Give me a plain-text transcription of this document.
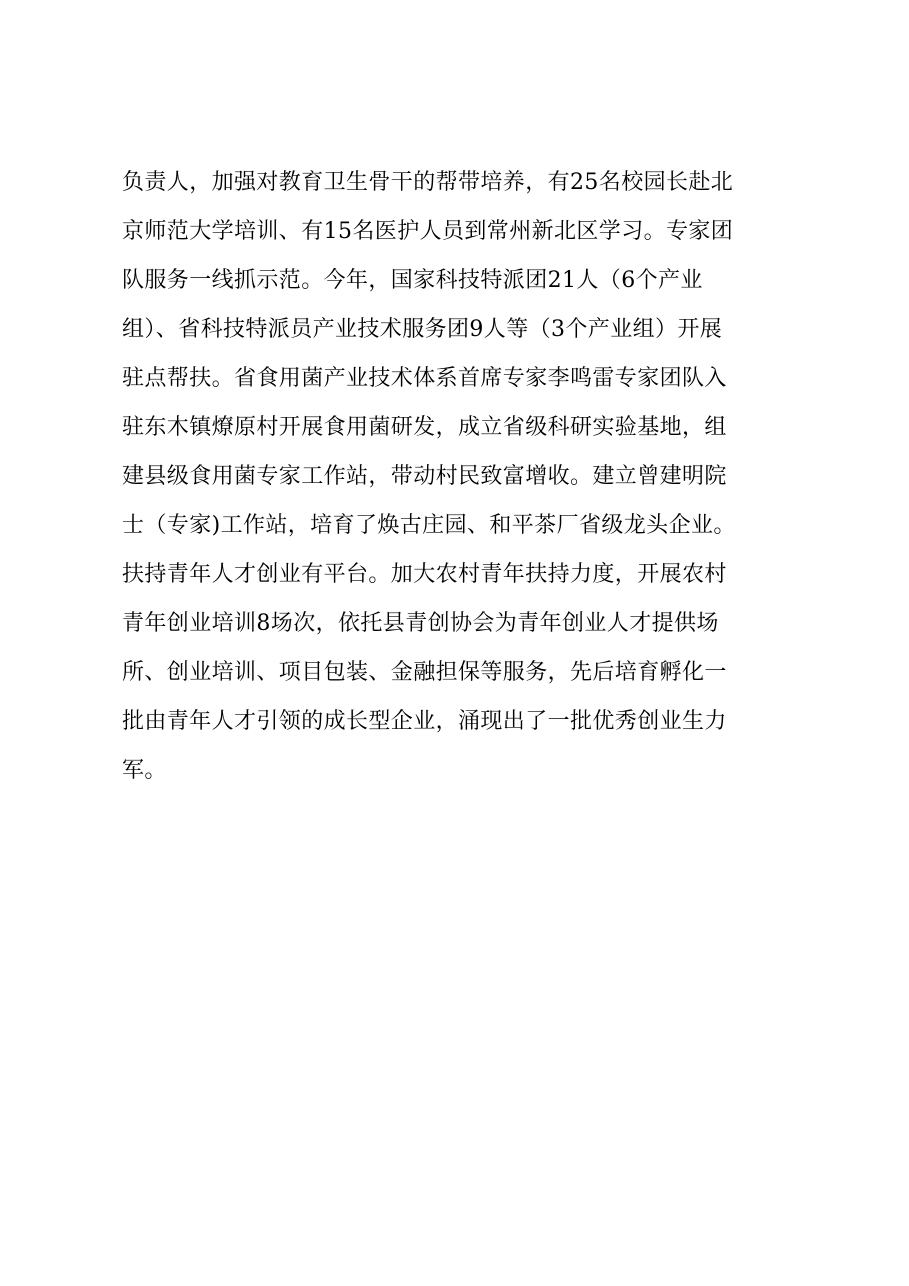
负责人，加强对教育卫生骨干的帮带培养，有25名校园长赴北
京师范大学培训、有15名医护人员到常州新北区学习。专家团
队服务一线抓示范。今年，国家科技特派团21人（6个产业
组）、省科技特派员产业技术服务团9人等（3个产业组）开展
驻点帮扶。省食用菌产业技术体系首席专家李鸣雷专家团队入
驻东木镇燎原村开展食用菌研发，成立省级科研实验基地，组
建县级食用菌专家工作站，带动村民致富增收。建立曾建明院
士（专家)工作站，培育了焕古庄园、和平茶厂省级龙头企业。
扶持青年人才创业有平台。加大农村青年扶持力度，开展农村
青年创业培训8场次，依托县青创协会为青年创业人才提供场
所、创业培训、项目包装、金融担保等服务，先后培育孵化一
批由青年人才引领的成长型企业，涌现出了一批优秀创业生力
军。
